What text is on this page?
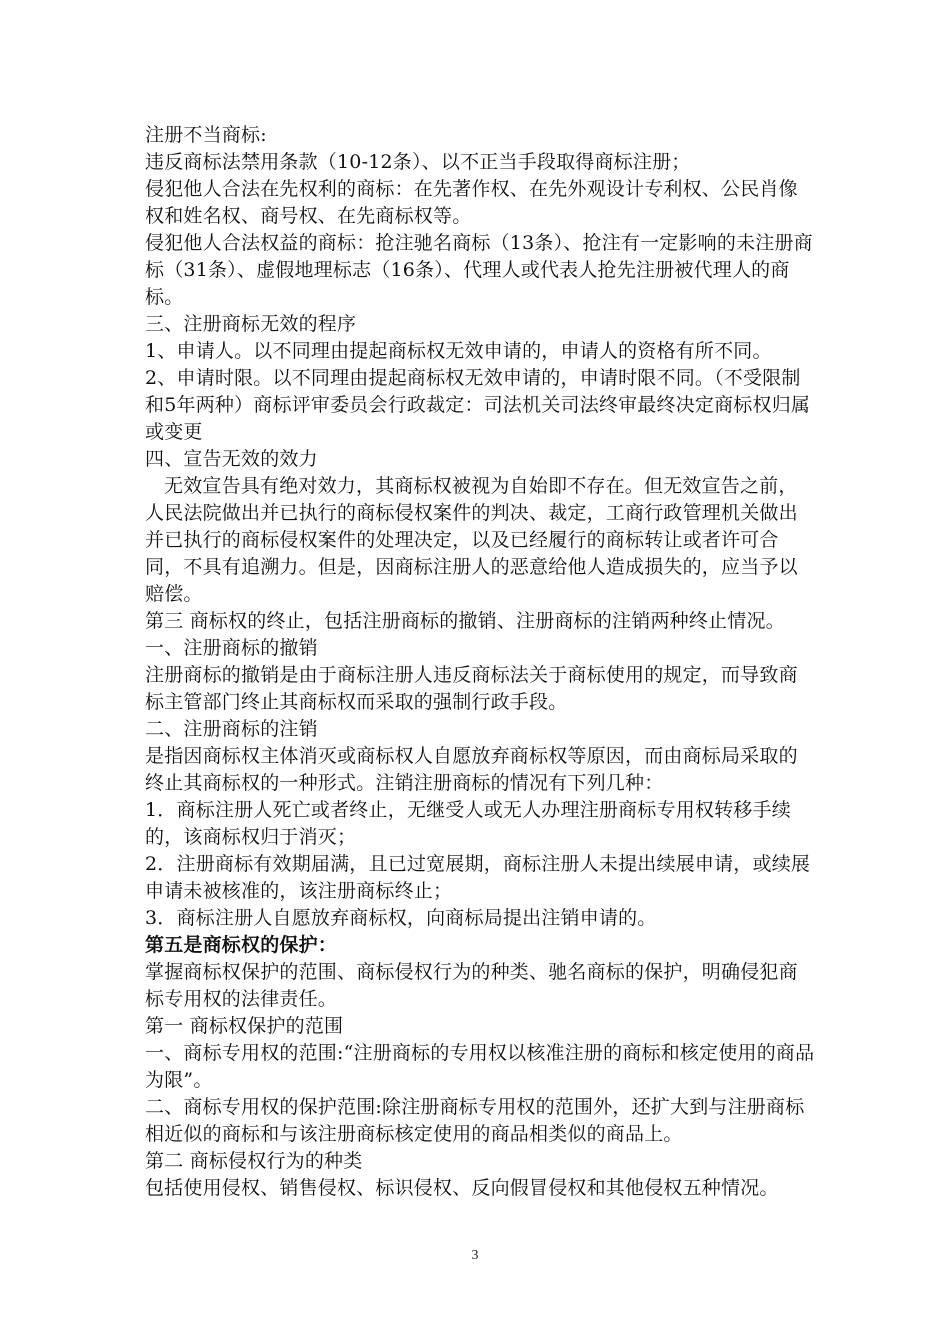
注册不当商标:

违反商标法禁用条款（10-12条）、以不正当手段取得商标注册；

侵犯他人合法在先权利的商标：在先著作权、在先外观设计专利权、公民肖像权和姓名权、商号权、在先商标权等。

侵犯他人合法权益的商标：抢注驰名商标（13条）、抢注有一定影响的未注册商标（31条）、虚假地理标志（16条）、代理人或代表人抢先注册被代理人的商标。

三、注册商标无效的程序

1、申请人。以不同理由提起商标权无效申请的，申请人的资格有所不同。

2、申请时限。以不同理由提起商标权无效申请的，申请时限不同。（不受限制和5年两种）商标评审委员会行政裁定：司法机关司法终审最终决定商标权归属或变更

四、宣告无效的效力

无效宣告具有绝对效力，其商标权被视为自始即不存在。但无效宣告之前，人民法院做出并已执行的商标侵权案件的判决、裁定，工商行政管理机关做出并已执行的商标侵权案件的处理决定，以及已经履行的商标转让或者许可合同，不具有追溯力。但是，因商标注册人的恶意给他人造成损失的，应当予以赔偿。

第三 商标权的终止，包括注册商标的撤销、注册商标的注销两种终止情况。

一、注册商标的撤销

注册商标的撤销是由于商标注册人违反商标法关于商标使用的规定，而导致商标主管部门终止其商标权而采取的强制行政手段。

二、注册商标的注销

是指因商标权主体消灭或商标权人自愿放弃商标权等原因，而由商标局采取的终止其商标权的一种形式。注销注册商标的情况有下列几种：

1．商标注册人死亡或者终止，无继受人或无人办理注册商标专用权转移手续的，该商标权归于消灭；

2．注册商标有效期届满，且已过宽展期，商标注册人未提出续展申请，或续展申请未被核准的，该注册商标终止；

3．商标注册人自愿放弃商标权，向商标局提出注销申请的。

第五是商标权的保护：

掌握商标权保护的范围、商标侵权行为的种类、驰名商标的保护，明确侵犯商标专用权的法律责任。

第一 商标权保护的范围

一、商标专用权的范围:“注册商标的专用权以核准注册的商标和核定使用的商品为限”。

二、商标专用权的保护范围:除注册商标专用权的范围外，还扩大到与注册商标相近似的商标和与该注册商标核定使用的商品相类似的商品上。

第二 商标侵权行为的种类

包括使用侵权、销售侵权、标识侵权、反向假冒侵权和其他侵权五种情况。

3
